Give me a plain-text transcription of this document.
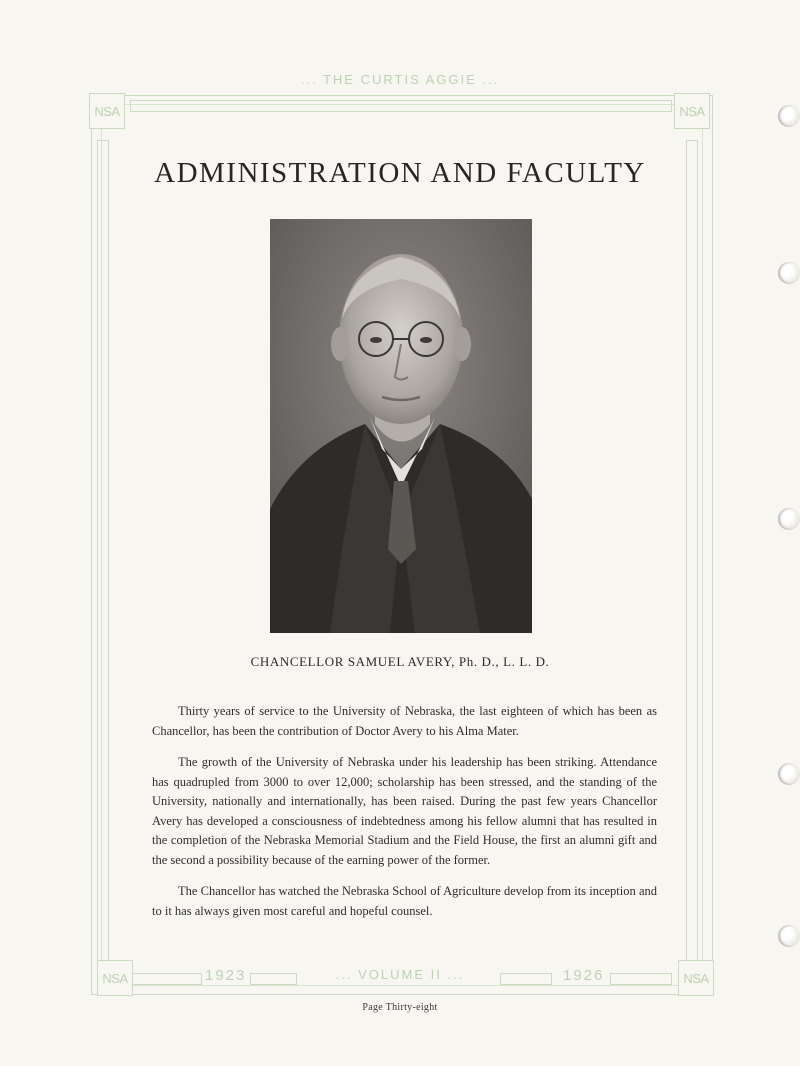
NSA	NSA
NSA	NSA
... THE CURTIS AGGIE ...
ADMINISTRATION AND FACULTY
CHANCELLOR SAMUEL AVERY, Ph. D., L. L. D.

Thirty years of service to the University of Nebraska, the last eighteen of which has been as Chancellor, has been the contribution of Doctor Avery to his Alma Mater.

The growth of the University of Nebraska under his leadership has been striking. Attendance has quadrupled from 3000 to over 12,000; scholarship has been stressed, and the standing of the University, nationally and internationally, has been raised. During the past few years Chancellor Avery has developed a consciousness of indebtedness among his fellow alumni that has resulted in the completion of the Nebraska Memorial Stadium and the Field House, the first an alumni gift and the second a possibility because of the earning power of the former.

The Chancellor has watched the Nebraska School of Agriculture develop from its inception and to it has always given most careful and hopeful counsel.

1923	... VOLUME II ...	1926
Page Thirty-eight
